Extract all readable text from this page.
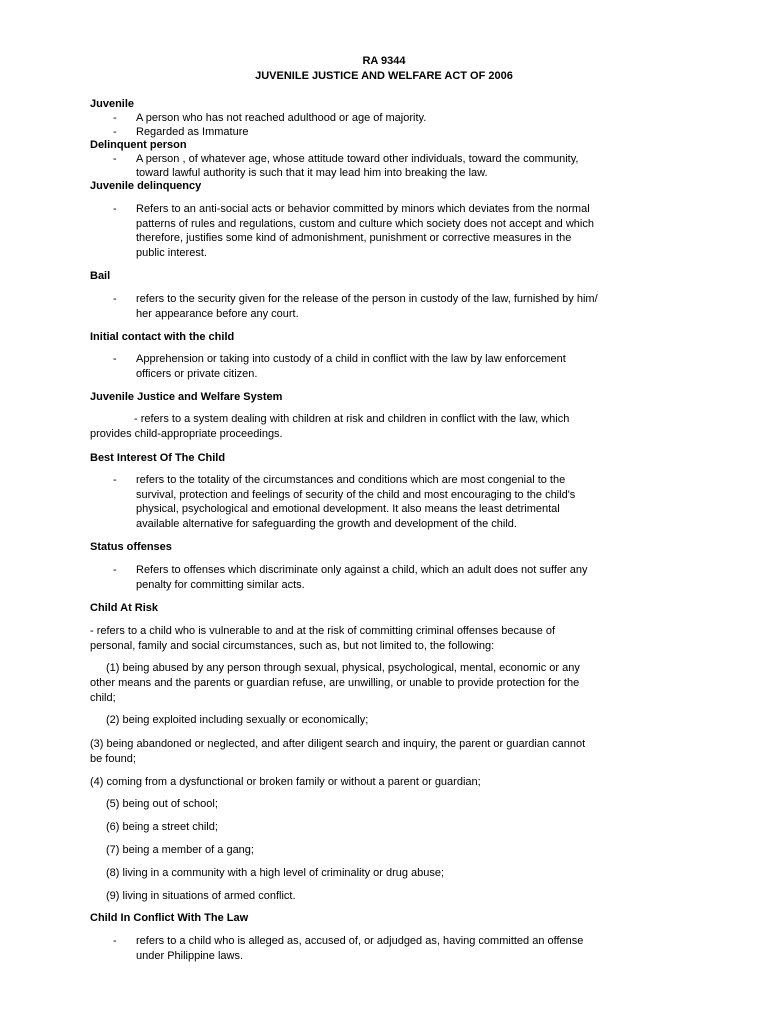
RA 9344
JUVENILE JUSTICE AND WELFARE ACT OF 2006
Juvenile
- A person who has not reached adulthood or age of majority.
- Regarded as Immature
Delinquent person
- A person , of whatever age, whose attitude toward other individuals, toward the community,
toward lawful authority is such that it may lead him into breaking the law.
Juvenile delinquency
- Refers to an anti-social acts or behavior committed by minors which deviates from the normal
patterns of rules and regulations, custom and culture which society does not accept and which
therefore, justifies some kind of admonishment, punishment or corrective measures in the
public interest.
Bail
- refers to the security given for the release of the person in custody of the law, furnished by him/
her appearance before any court.
Initial contact with the child
- Apprehension or taking into custody of a child in conflict with the law by law enforcement
officers or private citizen.
Juvenile Justice and Welfare System
- refers to a system dealing with children at risk and children in conflict with the law, which
provides child-appropriate proceedings.
Best Interest Of The Child
- refers to the totality of the circumstances and conditions which are most congenial to the
survival, protection and feelings of security of the child and most encouraging to the child's
physical, psychological and emotional development. It also means the least detrimental
available alternative for safeguarding the growth and development of the child.
Status offenses
- Refers to offenses which discriminate only against a child, which an adult does not suffer any
penalty for committing similar acts.
Child At Risk
- refers to a child who is vulnerable to and at the risk of committing criminal offenses because of
personal, family and social circumstances, such as, but not limited to, the following:
(1) being abused by any person through sexual, physical, psychological, mental, economic or any
other means and the parents or guardian refuse, are unwilling, or unable to provide protection for the
child;
(2) being exploited including sexually or economically;
(3) being abandoned or neglected, and after diligent search and inquiry, the parent or guardian cannot
be found;
(4) coming from a dysfunctional or broken family or without a parent or guardian;
(5) being out of school;
(6) being a street child;
(7) being a member of a gang;
(8) living in a community with a high level of criminality or drug abuse;
(9) living in situations of armed conflict.
Child In Conflict With The Law
- refers to a child who is alleged as, accused of, or adjudged as, having committed an offense
under Philippine laws.
